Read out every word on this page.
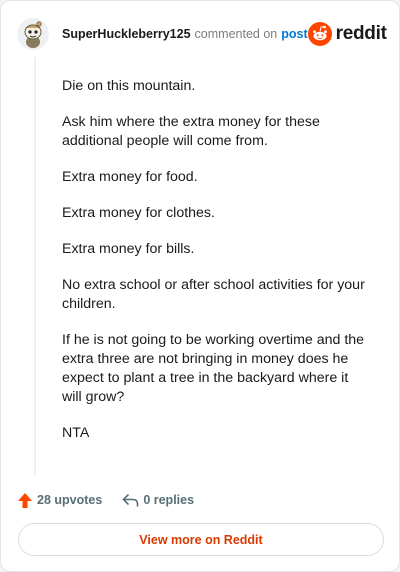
SuperHuckleberry125 commented on post reddit

Die on this mountain.

Ask him where the extra money for these additional people will come from.

Extra money for food.

Extra money for clothes.

Extra money for bills.

No extra school or after school activities for your children.

If he is not going to be working overtime and the extra three are not bringing in money does he expect to plant a tree in the backyard where it will grow?

NTA

28 upvotes	0 replies
View more on Reddit
